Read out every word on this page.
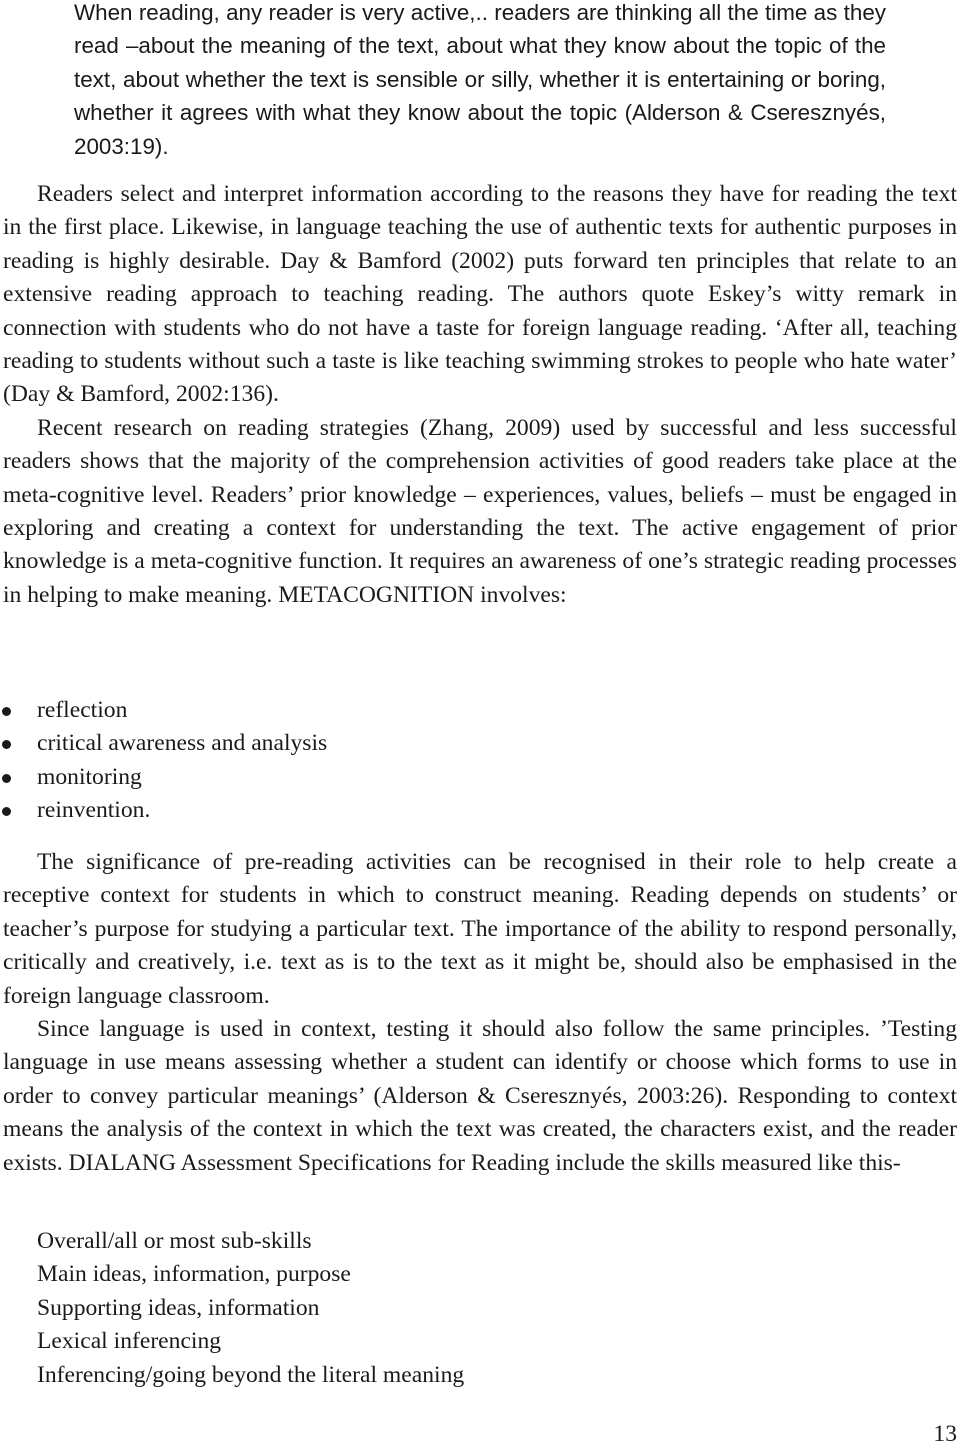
When reading, any reader is very active,.. readers are thinking all the time as they read –about the meaning of the text, about what they know about the topic of the text, about whether the text is sensible or silly, whether it is entertaining or boring, whether it agrees with what they know about the topic (Alderson & Cseresznyés, 2003:19).

Readers select and interpret information according to the reasons they have for reading the text in the first place. Likewise, in language teaching the use of authentic texts for authentic purposes in reading is highly desirable. Day & Bamford (2002) puts forward ten principles that relate to an extensive reading approach to teaching reading. The authors quote Eskey’s witty remark in connection with students who do not have a taste for foreign language reading. ‘After all, teaching reading to students without such a taste is like teaching swimming strokes to people who hate water’ (Day & Bamford, 2002:136).

Recent research on reading strategies (Zhang, 2009) used by successful and less successful readers shows that the majority of the comprehension activities of good readers take place at the meta-cognitive level. Readers’ prior knowledge – experiences, values, beliefs – must be engaged in exploring and creating a context for understanding the text. The active engagement of prior knowledge is a meta-cognitive function. It requires an awareness of one’s strategic reading processes in helping to make meaning. METACOGNITION involves:

reflection
critical awareness and analysis
monitoring
reinvention.

The significance of pre-reading activities can be recognised in their role to help create a receptive context for students in which to construct meaning. Reading depends on students’ or teacher’s purpose for studying a particular text. The importance of the ability to respond personally, critically and creatively, i.e. text as is to the text as it might be, should also be emphasised in the foreign language classroom.

Since language is used in context, testing it should also follow the same principles. ’Testing language in use means assessing whether a student can identify or choose which forms to use in order to convey particular meanings’ (Alderson & Cseresznyés, 2003:26). Responding to context means the analysis of the context in which the text was created, the characters exist, and the reader exists. DIALANG Assessment Specifications for Reading include the skills measured like this-

Overall/all or most sub-skills
Main ideas, information, purpose
Supporting ideas, information
Lexical inferencing
Inferencing/going beyond the literal meaning
13
